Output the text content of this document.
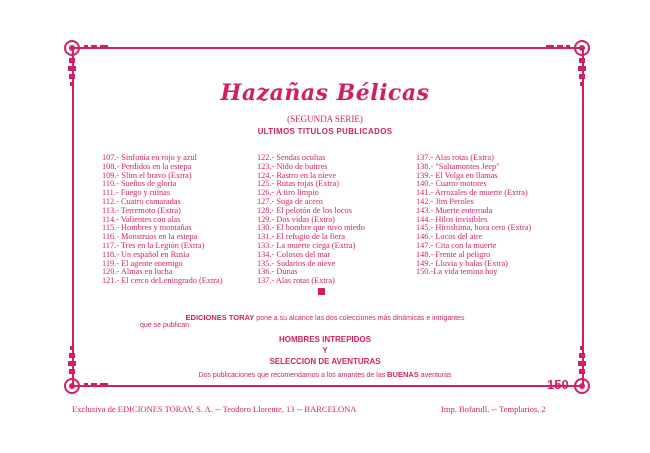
Hazañas Bélicas
(SEGUNDA SERIE)
ULTIMOS TITULOS PUBLICADOS
107.- Sinfonía en rojo y azul
108.- Perdidos en la estepa
109.- Slim el bravo (Extra)
110.- Sueños de gloria
111.- Fuego y ruinas
112.- Cuatro camaradas
113.- Terremoto (Extra)
114.- Valientes con alas
115.- Hombres y montañas
116.- Monstruos en la estepa
117.- Tres en la Legión (Extra)
118.- Un español en Rusia
119.- El agente enemigo
120.- Almas en lucha
121.- El cerco deLeningrado (Extra)
122.- Sendas ocultas
123.- Nido de buitres
124.- Rastro en la nieve
125.- Rutas rojas (Extra)
126.- A tiro limpio
127.- Soga de acero
128.- El pelotón de los locos
129.- Dos vidas (Extra)
130.- El hombre que tuvo miedo
131.- El refugio de la fiera
133.- La muerte ciega (Extra)
134.- Colosos del mar
135.- Sudarios de nieve
136.- Dunas
137.- Alas rotas (Extra)
137.- Alas rotas (Extra)
138.- "Saltamontes Jeep"
139.- El Volga en llamas
140.- Cuatro motores
141.- Arrozales de muerte (Extra)
142.- Jim Peroles
143.- Muerte enterrada
144.- Hilos invisibles
145.- Hiroshima, hora cero (Extra)
146.- Locos del aire
147.- Cita con la muerte
148.- Frente al peligro
149.- Lluvia y balas (Extra)
150.-La vida temina hoy
EDICIONES TORAY pone a su alcance las dos colecciones más dinámicas e intrigantes
que se publican
HOMBRES INTREPIDOS
Y
SELECCION DE AVENTURAS
Dos publicaciones que recomendamos a los amantes de las BUENAS aventuras
150
Exclusiva de EDICIONES TORAY, S. A. -- Teodoro Llorente, 13 -- BARCELONA	Imp. Bofarull. -- Templarios, 2
